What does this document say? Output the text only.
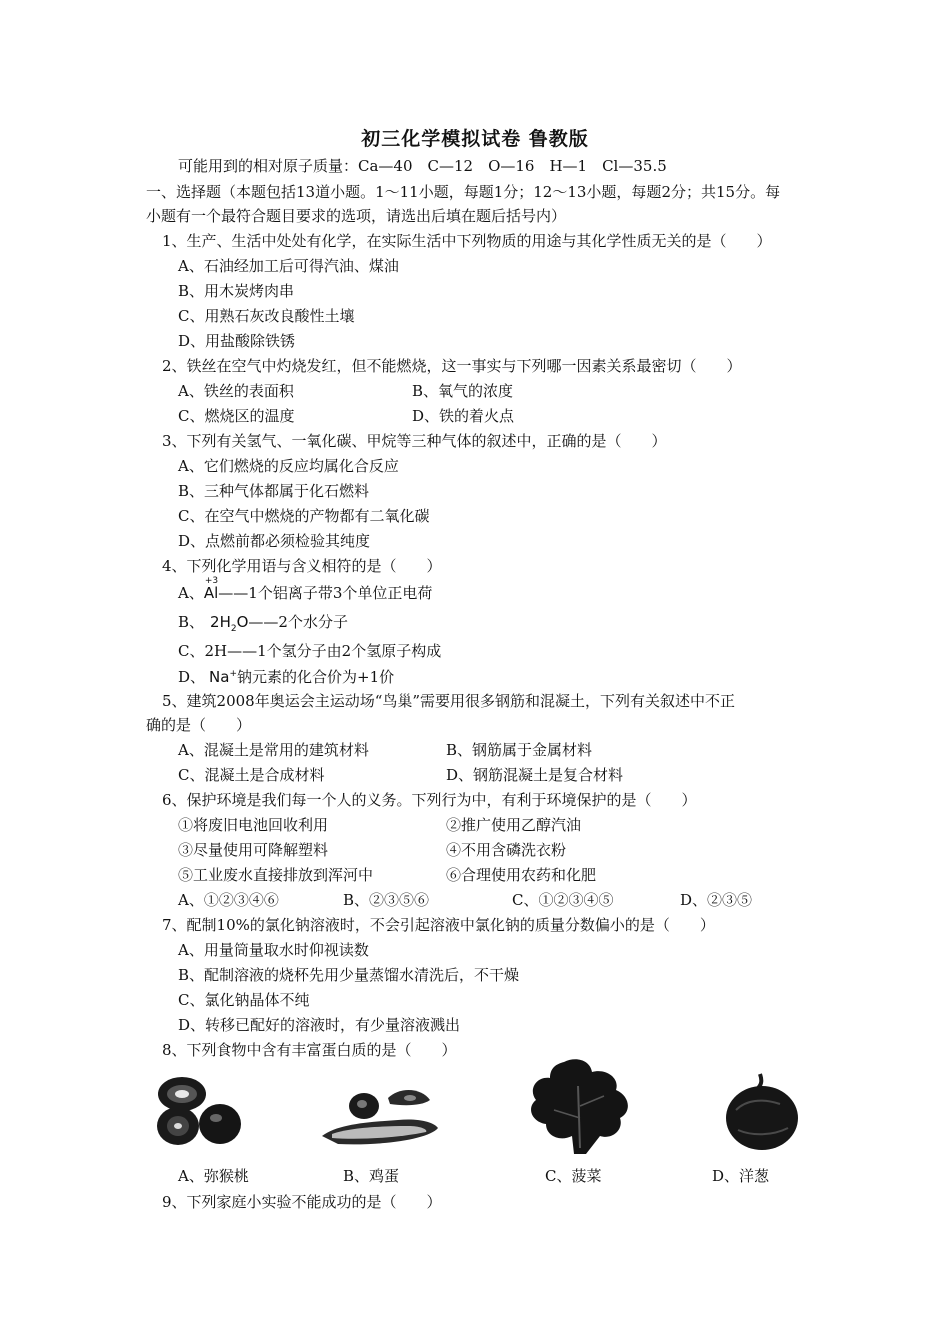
初三化学模拟试卷 鲁教版
可能用到的相对原子质量：Ca—40　C—12　O—16　H—1　Cl—35.5
一、选择题（本题包括13道小题。1～11小题，每题1分；12～13小题，每题2分；共15分。每
小题有一个最符合题目要求的选项，请选出后填在题后括号内）
1、生产、生活中处处有化学，在实际生活中下列物质的用途与其化学性质无关的是（　　）
A、石油经加工后可得汽油、煤油
B、用木炭烤肉串
C、用熟石灰改良酸性土壤
D、用盐酸除铁锈
2、铁丝在空气中灼烧发红，但不能燃烧，这一事实与下列哪一因素关系最密切（　　）
A、铁丝的表面积	B、氧气的浓度
C、燃烧区的温度	D、铁的着火点
3、下列有关氢气、一氧化碳、甲烷等三种气体的叙述中，正确的是（　　）
A、它们燃烧的反应均属化合反应
B、三种气体都属于化石燃料
C、在空气中燃烧的产物都有二氧化碳
D、点燃前都必须检验其纯度
4、下列化学用语与含义相符的是（　　）
A、
+3
Al——1个铝离子带3个单位正电荷
B、 $2H_2O——2$个水分子
C、2H——1个氢分子由2个氢原子构成
D、 Na+钠元素的化合价为+1价
5、建筑2008年奥运会主运动场“鸟巢”需要用很多钢筋和混凝土，下列有关叙述中不正
确的是（　　）
A、混凝土是常用的建筑材料	B、钢筋属于金属材料
C、混凝土是合成材料	D、钢筋混凝土是复合材料
6、保护环境是我们每一个人的义务。下列行为中，有利于环境保护的是（　　）
①将废旧电池回收利用	②推广使用乙醇汽油
③尽量使用可降解塑料	④不用含磷洗衣粉
⑤工业废水直接排放到浑河中	⑥合理使用农药和化肥
A、①②③④⑥	B、②③⑤⑥	C、①②③④⑤	D、②③⑤
7、配制10%的氯化钠溶液时，不会引起溶液中氯化钠的质量分数偏小的是（　　）
A、用量筒量取水时仰视读数
B、配制溶液的烧杯先用少量蒸馏水清洗后，不干燥
C、氯化钠晶体不纯
D、转移已配好的溶液时，有少量溶液溅出
8、下列食物中含有丰富蛋白质的是（　　）
A、弥猴桃	B、鸡蛋	C、菠菜	D、洋葱
9、下列家庭小实验不能成功的是（　　）
